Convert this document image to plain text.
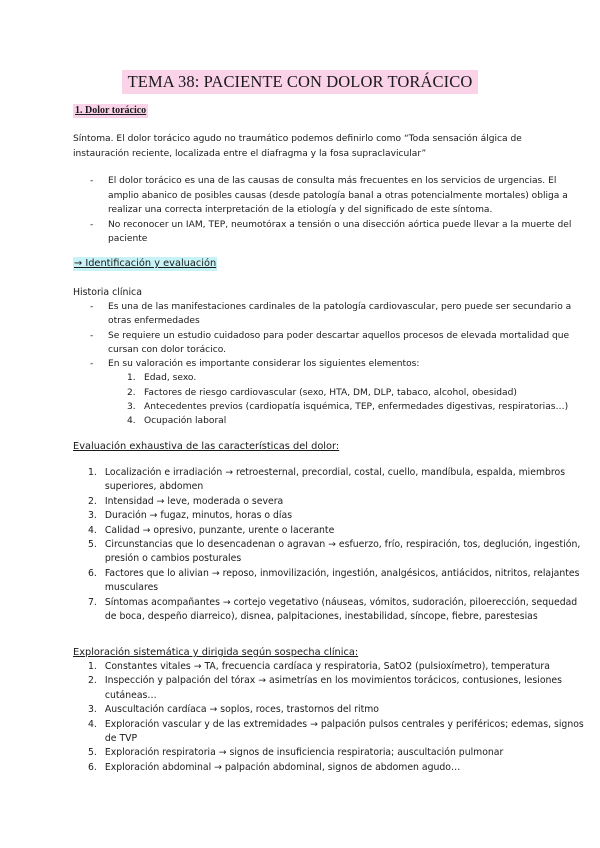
TEMA 38: PACIENTE CON DOLOR TORÁCICO
1. Dolor torácico
Síntoma. El dolor torácico agudo no traumático podemos definirlo como “Toda sensación álgica de instauración reciente, localizada entre el diafragma y la fosa supraclavicular”
-	El dolor torácico es una de las causas de consulta más frecuentes en los servicios de urgencias. El amplio abanico de posibles causas (desde patología banal a otras potencialmente mortales) obliga a realizar una correcta interpretación de la etiología y del significado de este síntoma.
-	No reconocer un IAM, TEP, neumotórax a tensión o una disección aórtica puede llevar a la muerte del paciente
→ Identificación y evaluación
Historia clínica
-	Es una de las manifestaciones cardinales de la patología cardiovascular, pero puede ser secundario a otras enfermedades
-	Se requiere un estudio cuidadoso para poder descartar aquellos procesos de elevada mortalidad que cursan con dolor torácico.
-	En su valoración es importante considerar los siguientes elementos:
1. Edad, sexo.
2. Factores de riesgo cardiovascular (sexo, HTA, DM, DLP, tabaco, alcohol, obesidad)
3. Antecedentes previos (cardiopatía isquémica, TEP, enfermedades digestivas, respiratorias…)
4. Ocupación laboral
Evaluación exhaustiva de las características del dolor:
1. Localización e irradiación → retroesternal, precordial, costal, cuello, mandíbula, espalda, miembros superiores, abdomen
2. Intensidad → leve, moderada o severa
3. Duración → fugaz, minutos, horas o días
4. Calidad → opresivo, punzante, urente o lacerante
5. Circunstancias que lo desencadenan o agravan → esfuerzo, frío, respiración, tos, deglución, ingestión, presión o cambios posturales
6. Factores que lo alivian → reposo, inmovilización, ingestión, analgésicos, antiácidos, nitritos, relajantes musculares
7. Síntomas acompañantes → cortejo vegetativo (náuseas, vómitos, sudoración, piloerección, sequedad de boca, despeño diarreico), disnea, palpitaciones, inestabilidad, síncope, fiebre, parestesias
Exploración sistemática y dirigida según sospecha clínica:
1. Constantes vitales → TA, frecuencia cardíaca y respiratoria, SatO2 (pulsioxímetro), temperatura
2. Inspección y palpación del tórax → asimetrías en los movimientos torácicos, contusiones, lesiones cutáneas…
3. Auscultación cardíaca → soplos, roces, trastornos del ritmo
4. Exploración vascular y de las extremidades → palpación pulsos centrales y periféricos; edemas, signos de TVP
5. Exploración respiratoria → signos de insuficiencia respiratoria; auscultación pulmonar
6. Exploración abdominal → palpación abdominal, signos de abdomen agudo…
